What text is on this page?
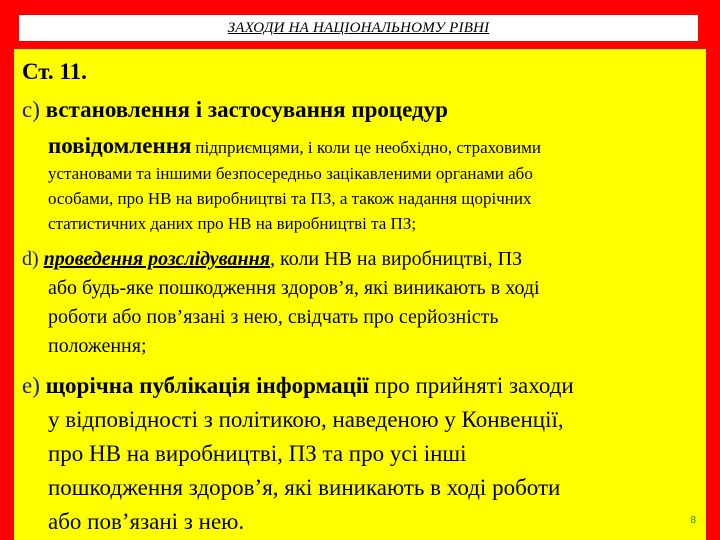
ЗАХОДИ НА НАЦІОНАЛЬНОМУ РІВНІ
Ст. 11.
c) встановлення і застосування процедур
повідомлення підприємцями, і коли це необхідно, страховими
установами та іншими безпосередньо зацікавленими органами або
особами, про НВ на виробництві та ПЗ, а також надання щорічних
статистичних даних про НВ на виробництві та ПЗ;
d) проведення розслідування, коли НВ на виробництві, ПЗ
або будь-яке пошкодження здоров’я, які виникають в ході
роботи або пов’язані з нею, свідчать про серйозність
положення;
e) щорічна публікація інформації про прийняті заходи
у відповідності з політикою, наведеною у Конвенції,
про НВ на виробництві, ПЗ та про усі інші
пошкодження здоров’я, які виникають в ході роботи
або пов’язані з нею.	8
